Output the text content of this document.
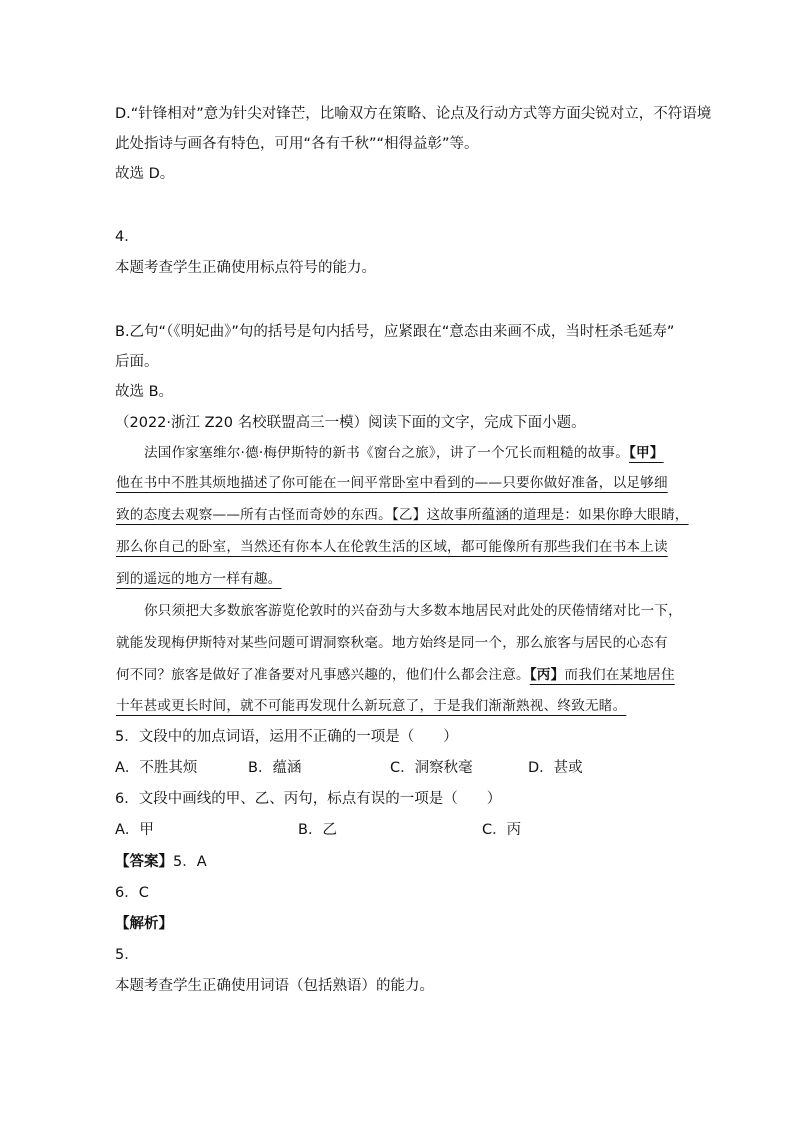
D.“针锋相对”意为针尖对锋芒，比喻双方在策略、论点及行动方式等方面尖锐对立，不符语境
此处指诗与画各有特色，可用“各有千秋”“相得益彰”等。
故选 D。
4．
本题考查学生正确使用标点符号的能力。
B.乙句“（《明妃曲》”句的括号是句内括号，应紧跟在“意态由来画不成，当时枉杀毛延寿”
后面。
故选 B。
（2022·浙江 Z20 名校联盟高三一模）阅读下面的文字，完成下面小题。
法国作家塞维尔·德·梅伊斯特的新书《窗台之旅》，讲了一个冗长而粗糙的故事。【甲】
他在书中不胜其烦地描述了你可能在一间平常卧室中看到的——只要你做好准备，以足够细
致的态度去观察——所有古怪而奇妙的东西。【乙】这故事所蕴涵的道理是：如果你睁大眼睛，
那么你自己的卧室，当然还有你本人在伦敦生活的区域，都可能像所有那些我们在书本上读
到的遥远的地方一样有趣。
你只须把大多数旅客游览伦敦时的兴奋劲与大多数本地居民对此处的厌倦情绪对比一下，
就能发现梅伊斯特对某些问题可谓洞察秋毫。地方始终是同一个，那么旅客与居民的心态有
何不同？旅客是做好了准备要对凡事感兴趣的，他们什么都会注意。【丙】而我们在某地居住
十年甚或更长时间，就不可能再发现什么新玩意了，于是我们渐渐熟视、终致无睹。
5．文段中的加点词语，运用不正确的一项是（　　）
A．不胜其烦	B．蕴涵	C．洞察秋毫	D．甚或
6．文段中画线的甲、乙、丙句，标点有误的一项是（　　）
A．甲	B．乙	C．丙
【答案】5．A
6．C
【解析】
5．
本题考查学生正确使用词语（包括熟语）的能力。
